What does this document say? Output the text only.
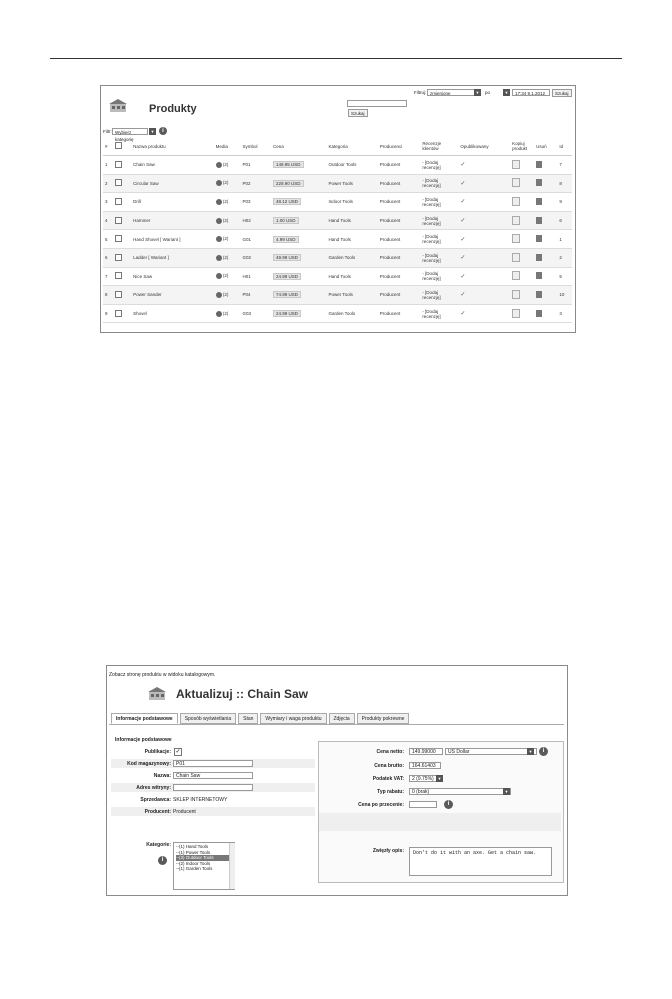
Produkty
Filtruj: zmienione	▼	po	▼	17:34 9.1.2012	Szukaj
Szukaj
Filtr: Wybierz kategorię
▼	i
#		Nazwa produktu	Media	Symbol	Cena	Kategoria	Producenci	Recenzje klientów	Opublikowany	Kopiuj produkt	Usuń	Id
1		Chain Saw	(2)	P01	149.95 USD	Outdoor Tools	Producent	- [Dodaj recenzję]	✓			7
2		Circular Saw	(2)	P02	229.90 USD	Power Tools	Producent	- [Dodaj recenzję]	✓			8
3		Drill	(2)	P03	48.12 USD	Indoor Tools	Producent	- [Dodaj recenzję]	✓			9
4		Hammer	(2)	H02	1.00 USD	Hand Tools	Producent	- [Dodaj recenzję]	✓			6
5		Hand Shovel [ Wariant ]	(2)	G01	4.99 USD	Hand Tools	Producent	- [Dodaj recenzję]	✓			1
6		Ladder [ Wariant ]	(2)	G02	49.99 USD	Garden Tools	Producent	- [Dodaj recenzję]	✓			2
7		Nice Saw	(2)	H01	24.99 USD	Hand Tools	Producent	- [Dodaj recenzję]	✓			5
8		Power Sander	(2)	P04	74.99 USD	Power Tools	Producent	- [Dodaj recenzję]	✓			10
9		Shovel	(2)	G03	24.99 USD	Garden Tools	Producent	- [Dodaj recenzję]	✓			3
Zobacz stronę produktu w widoku katalogowym.
Aktualizuj :: Chain Saw
Informacje podstawowe	Sposób wyświetlania	Stan	Wymiary i waga produktu	Zdjęcia	Produkty pokrewne
Informacje podstawowe
Publikacje: ✓
Kod magazynowy:	P01
Nazwa:	Chain Saw
Adres witryny:
Sprzedawca: SKLEP INTERNETOWY
Producent: Producent
Kategorie:
i
--(1) Hand Tools
--(1) Power Tools
--(3) Outdoor Tools
--(2) Indoor Tools
--(1) Garden Tools
Cena netto:	149.99000	US Dollar	▼	i
Cena brutto:	164.61403
Podatek VAT:	2 (9.75%) ▼
Typ rabatu:	0 (brak)	▼
Cena po przecenie:	i
Zwięzły opis:	Don't do it with an axe. Get a chain saw.
